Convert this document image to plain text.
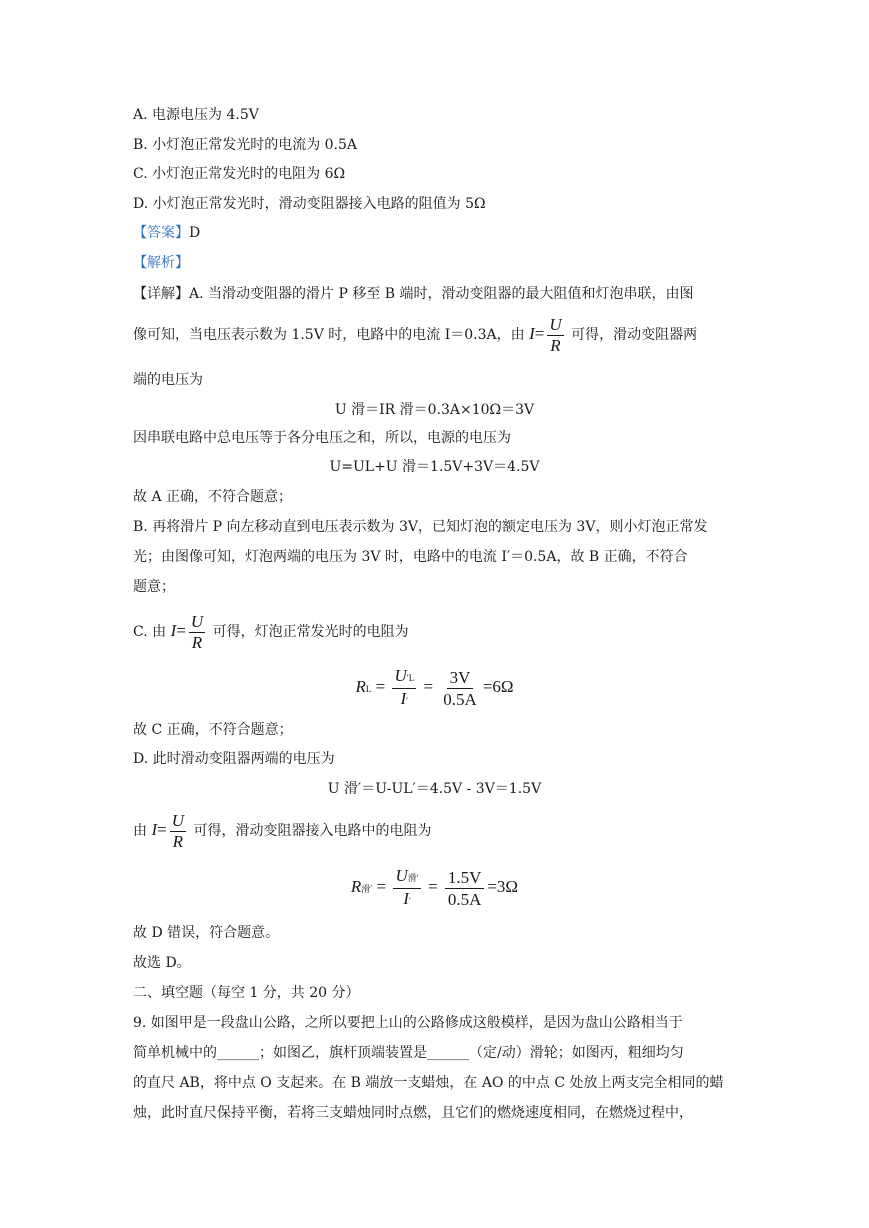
A. 电源电压为 4.5V
B. 小灯泡正常发光时的电流为 0.5A
C. 小灯泡正常发光时的电阻为 6Ω
D. 小灯泡正常发光时，滑动变阻器接入电路的阻值为 5Ω
【答案】D
【解析】
【详解】A. 当滑动变阻器的滑片 P 移至 B 端时，滑动变阻器的最大阻值和灯泡串联，由图
像可知，当电压表示数为 1.5V 时，电路中的电流 I＝0.3A，由 $I= \frac{U}{R}$ 可得，滑动变阻器两
端的电压为
U 滑＝IR 滑＝0.3A×10Ω＝3V
因串联电路中总电压等于各分电压之和，所以，电源的电压为
U=UL+U 滑＝1.5V+3V＝4.5V
故 A 正确，不符合题意；
B. 再将滑片 P 向左移动直到电压表示数为 3V，已知灯泡的额定电压为 3V，则小灯泡正常发
光；由图像可知，灯泡两端的电压为 3V 时，电路中的电流 I′＝0.5A，故 B 正确，不符合
题意；
C. 由 $I= \frac{U}{R}$ 可得，灯泡正常发光时的电阻为
RL = $\frac{U'L}{I'} = \frac{3V}{0.5A} =6\Omega$
故 C 正确，不符合题意；
D. 此时滑动变阻器两端的电压为
U 滑′＝U-UL′＝4.5V - 3V＝1.5V
由 $I= \frac{U}{R}$ 可得，滑动变阻器接入电路中的电阻为
R滑′ = $\frac{\text{U滑′}}{I'} = \frac{1.5V}{0.5A} =3\Omega$
故 D 错误，符合题意。
故选 D。
二、填空题（每空 1 分，共 20 分）
9. 如图甲是一段盘山公路，之所以要把上山的公路修成这般模样，是因为盘山公路相当于
简单机械中的______；如图乙，旗杆顶端装置是______（定/动）滑轮；如图丙，粗细均匀
的直尺 AB，将中点 O 支起来。在 B 端放一支蜡烛，在 AO 的中点 C 处放上两支完全相同的蜡
烛，此时直尺保持平衡，若将三支蜡烛同时点燃，且它们的燃烧速度相同，在燃烧过程中，
